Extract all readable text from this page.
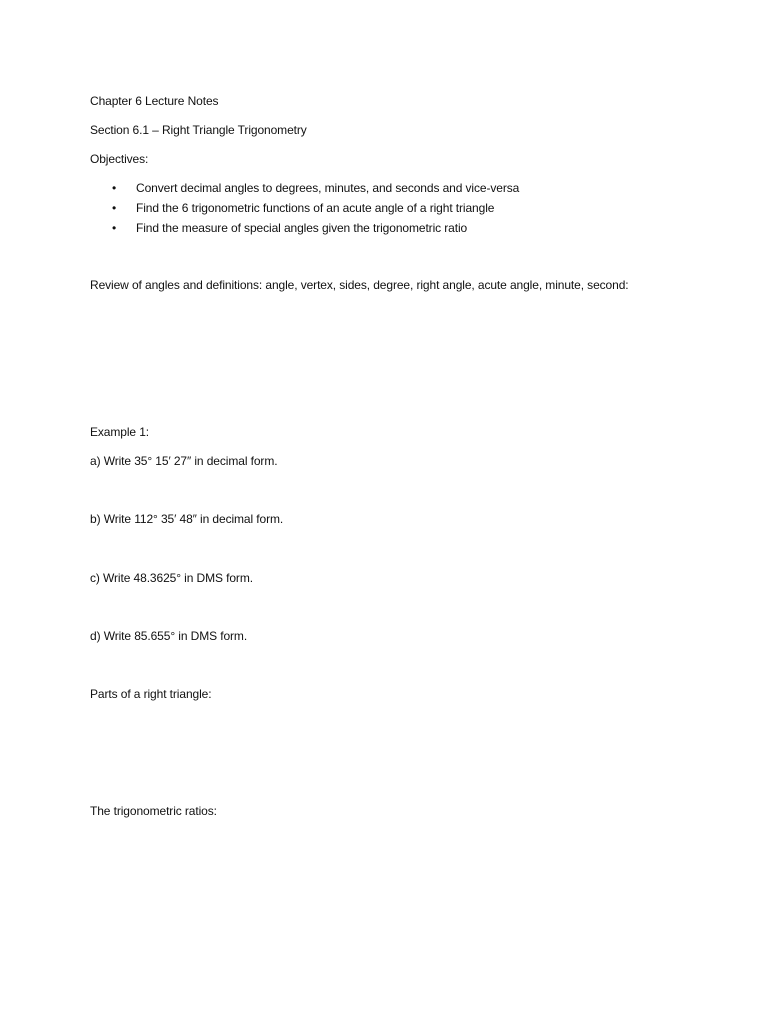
Chapter 6 Lecture Notes
Section 6.1 – Right Triangle Trigonometry
Objectives:
•	Convert decimal angles to degrees, minutes, and seconds and vice-versa
•	Find the 6 trigonometric functions of an acute angle of a right triangle
•	Find the measure of special angles given the trigonometric ratio
Review of angles and definitions: angle, vertex, sides, degree, right angle, acute angle, minute, second:
Example 1:
a) Write 35° 15′ 27″ in decimal form.
b) Write 112° 35′ 48″ in decimal form.
c) Write 48.3625° in DMS form.
d) Write 85.655° in DMS form.
Parts of a right triangle:
The trigonometric ratios:
